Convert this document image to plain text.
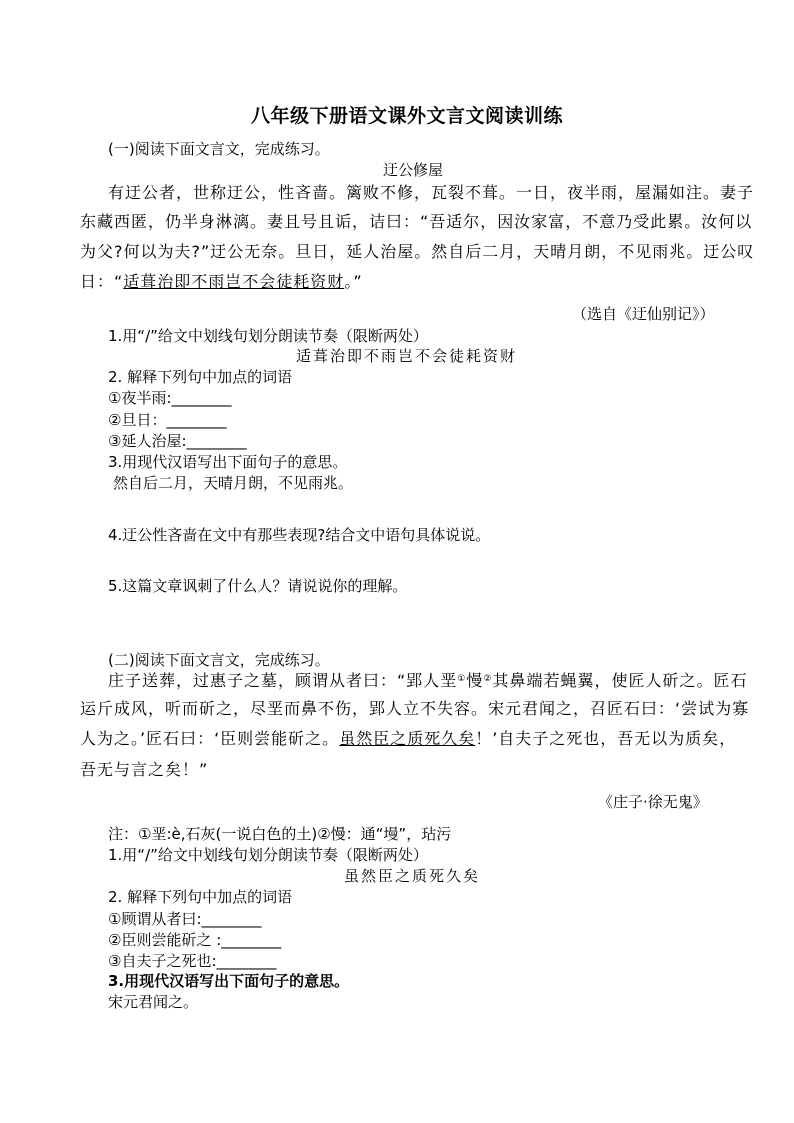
八年级下册语文课外文言文阅读训练
(一)阅读下面文言文，完成练习。
迂公修屋
有迂公者，世称迂公，性吝啬。篱败不修，瓦裂不葺。一日，夜半雨，屋漏如注。妻子
东藏西匿，仍半身淋漓。妻且号且诟，诘曰：“吾适尔，因汝家富，不意乃受此累。汝何以
为父?何以为夫?”迂公无奈。旦日，延人治屋。然自后二月，天晴月朗，不见雨兆。迂公叹
日：“适葺治即不雨岂不会徒耗资财。”
（选自《迂仙别记》）
1.用“/”给文中划线句划分朗读节奏（限断两处）
适葺治即不雨岂不会徒耗资财
2. 解释下列句中加点的词语
①夜半雨:________
②旦日：________
③延人治屋:________
3.用现代汉语写出下面句子的意思。
然自后二月，天晴月朗，不见雨兆。
4.迂公性吝啬在文中有那些表现?结合文中语句具体说说。
5.这篇文章讽刺了什么人？请说说你的理解。
(二)阅读下面文言文，完成练习。
庄子送葬，过惠子之墓，顾谓从者曰：“郢人垩①慢②其鼻端若蝇翼，使匠人斫之。匠石
运斤成风，听而斫之，尽垩而鼻不伤，郢人立不失容。宋元君闻之，召匠石曰：‘尝试为寡
人为之。’匠石曰：‘臣则尝能斫之。虽然臣之质死久矣！’自夫子之死也，吾无以为质矣，
吾无与言之矣！”
《庄子·徐无鬼》
注：①垩:è,石灰(一说白色的土)②慢：通“墁”，玷污
1.用“/”给文中划线句划分朗读节奏（限断两处）
虽然臣之质死久矣
2. 解释下列句中加点的词语
①顾谓从者曰:________
②臣则尝能斫之 :________
③自夫子之死也:________
3.用现代汉语写出下面句子的意思。
宋元君闻之。
